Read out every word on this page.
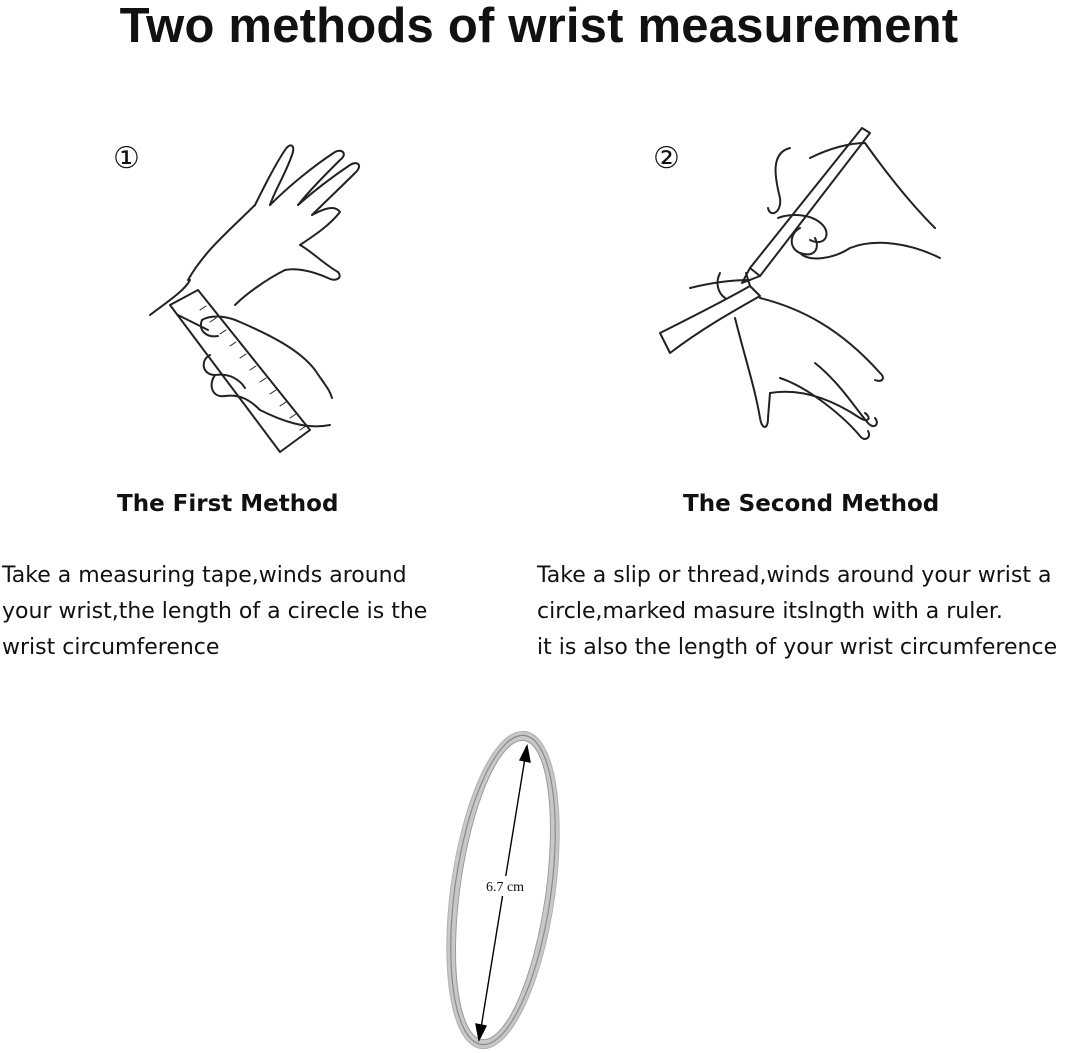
Two methods of wrist measurement
①	②
The First Method	The Second Method

Take a measuring tape,winds around

your wrist,the length of a cirecle is the

wrist circumference

Take a slip or thread,winds around your wrist a

circle,marked masure itslngth with a ruler.

it is also the length of your wrist circumference

6.7 cm
